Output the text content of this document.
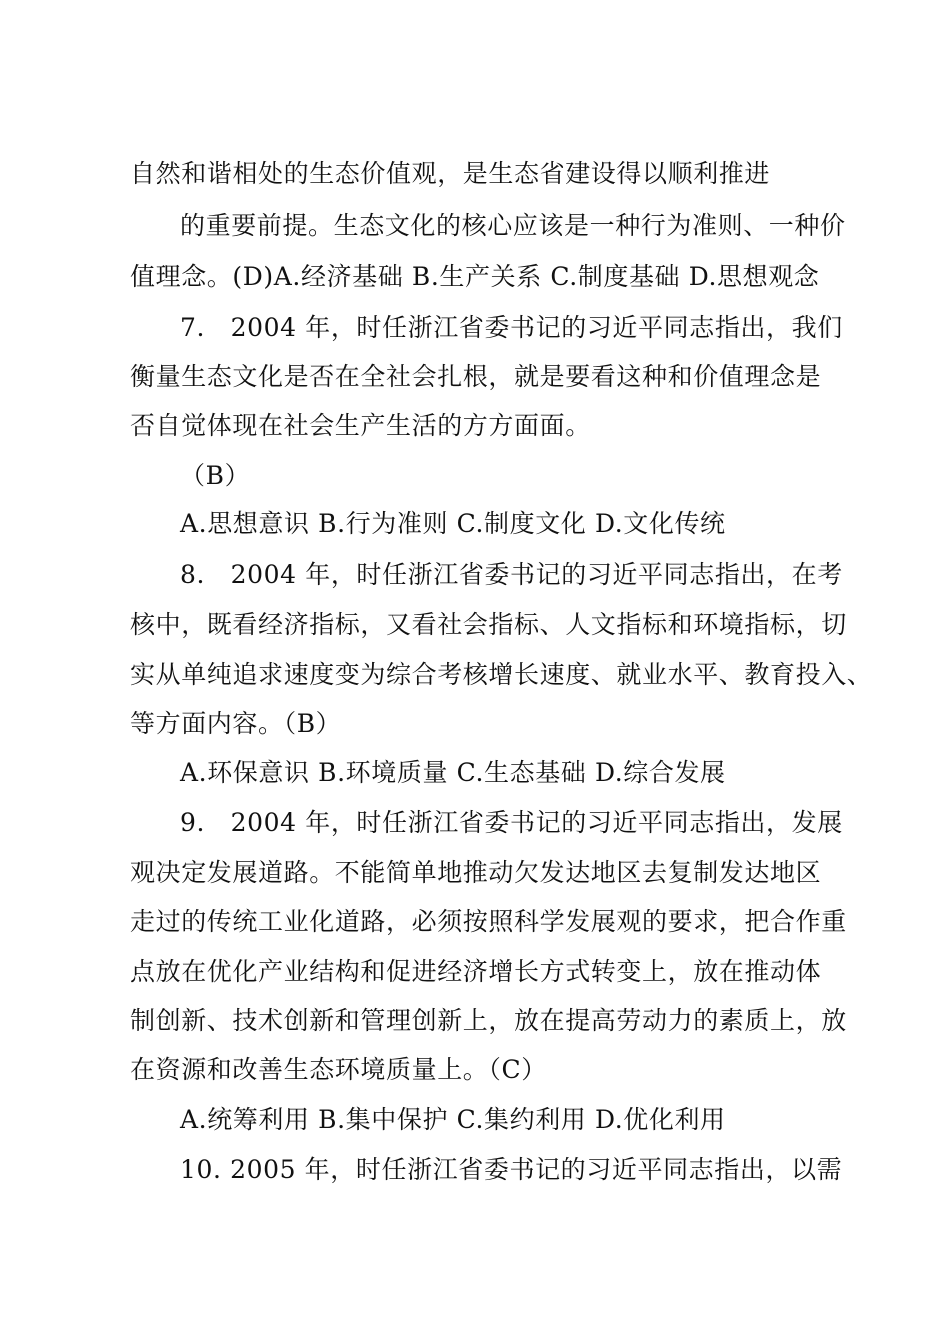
自然和谐相处的生态价值观，是生态省建设得以顺利推进
的重要前提。生态文化的核心应该是一种行为准则、一种价
值理念。(D)A.经济基础 B.生产关系 C.制度基础 D.思想观念
7.　2004 年，时任浙江省委书记的习近平同志指出，我们
衡量生态文化是否在全社会扎根，就是要看这种和价值理念是
否自觉体现在社会生产生活的方方面面。
（B）
A.思想意识 B.行为准则 C.制度文化 D.文化传统
8.　2004 年，时任浙江省委书记的习近平同志指出，在考
核中，既看经济指标，又看社会指标、人文指标和环境指标，切
实从单纯追求速度变为综合考核增长速度、就业水平、教育投入、
等方面内容。（B）
A.环保意识 B.环境质量 C.生态基础 D.综合发展
9.　2004 年，时任浙江省委书记的习近平同志指出，发展
观决定发展道路。不能简单地推动欠发达地区去复制发达地区
走过的传统工业化道路，必须按照科学发展观的要求，把合作重
点放在优化产业结构和促进经济增长方式转变上，放在推动体
制创新、技术创新和管理创新上，放在提高劳动力的素质上，放
在资源和改善生态环境质量上。（C）
A.统筹利用 B.集中保护 C.集约利用 D.优化利用
10. 2005 年，时任浙江省委书记的习近平同志指出，以需
